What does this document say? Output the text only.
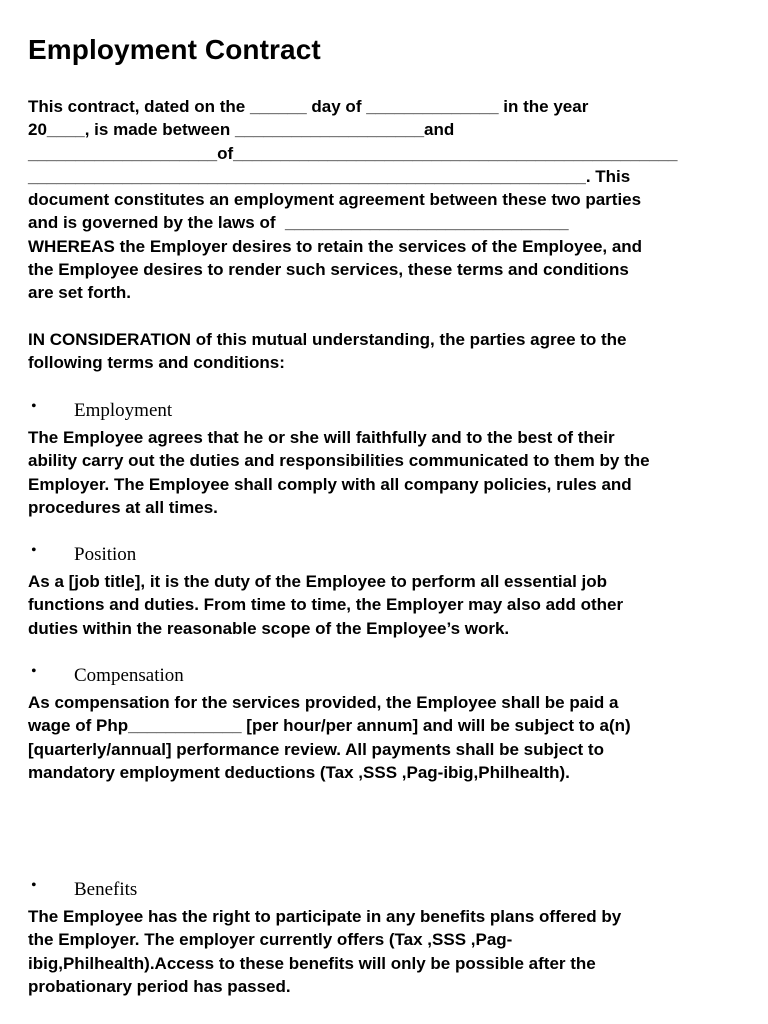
Employment Contract
This contract, dated on the ______ day of ______________ in the year
20____, is made between ____________________and
____________________of_______________________________________________
___________________________________________________________. This
document constitutes an employment agreement between these two parties
and is governed by the laws of  ______________________________
WHEREAS the Employer desires to retain the services of the Employee, and
the Employee desires to render such services, these terms and conditions
are set forth.
IN CONSIDERATION of this mutual understanding, the parties agree to the
following terms and conditions:
• Employment
The Employee agrees that he or she will faithfully and to the best of their
ability carry out the duties and responsibilities communicated to them by the
Employer. The Employee shall comply with all company policies, rules and
procedures at all times.
• Position
As a [job title], it is the duty of the Employee to perform all essential job
functions and duties. From time to time, the Employer may also add other
duties within the reasonable scope of the Employee’s work.
• Compensation
As compensation for the services provided, the Employee shall be paid a
wage of Php____________ [per hour/per annum] and will be subject to a(n)
[quarterly/annual] performance review. All payments shall be subject to
mandatory employment deductions (Tax ,SSS ,Pag-ibig,Philhealth).
• Benefits
The Employee has the right to participate in any benefits plans offered by
the Employer. The employer currently offers (Tax ,SSS ,Pag-
ibig,Philhealth).Access to these benefits will only be possible after the
probationary period has passed.
